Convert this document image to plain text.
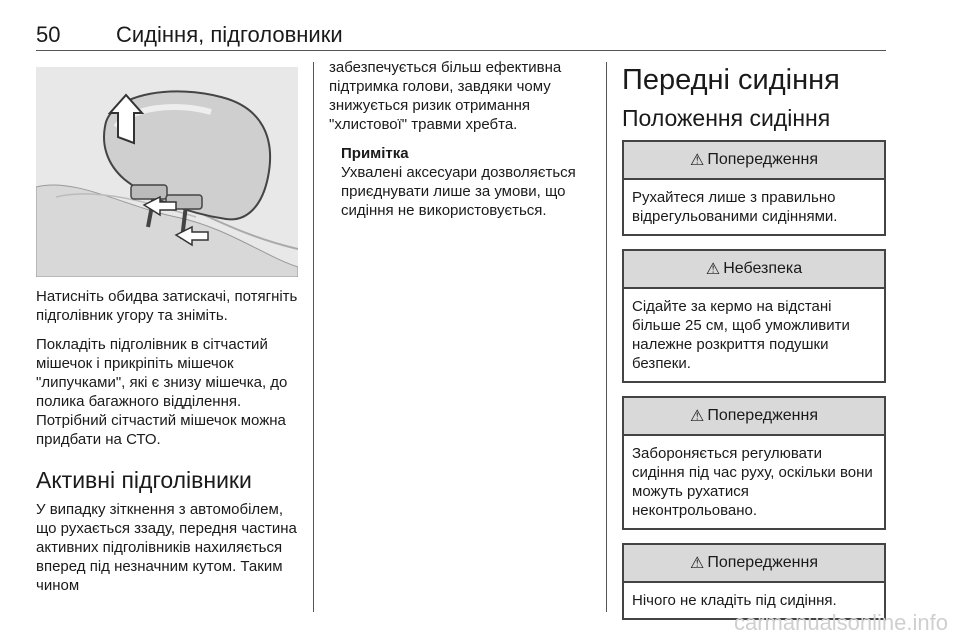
50	Сидіння, підголовники

Натисніть обидва затискачі, потягніть підголівник угору та зніміть.

Покладіть підголівник в сітчастий мішечок і прикріпіть мішечок "липучками", які є знизу мішечка, до полика багажного відділення. Потрібний сітчастий мішечок можна придбати на СТО.

Активні підголівники

У випадку зіткнення з автомобілем, що рухається ззаду, передня частина активних підголівників нахиляється вперед під незначним кутом. Таким чином

забезпечується більш ефективна підтримка голови, завдяки чому знижується ризик отримання "хлистової" травми хребта.

Примітка
Ухвалені аксесуари дозволяється приєднувати лише за умови, що сидіння не використовується.
Передні сидіння
Положення сидіння
⚠ Попередження
Рухайтеся лише з правильно відрегульованими сидіннями.
⚠ Небезпека
Сідайте за кермо на відстані більше 25 см, щоб уможливити належне розкриття подушки безпеки.
⚠ Попередження
Забороняється регулювати сидіння під час руху, оскільки вони можуть рухатися неконтрольовано.
⚠ Попередження
Нічого не кладіть під сидіння.
carmanualsonline.info
